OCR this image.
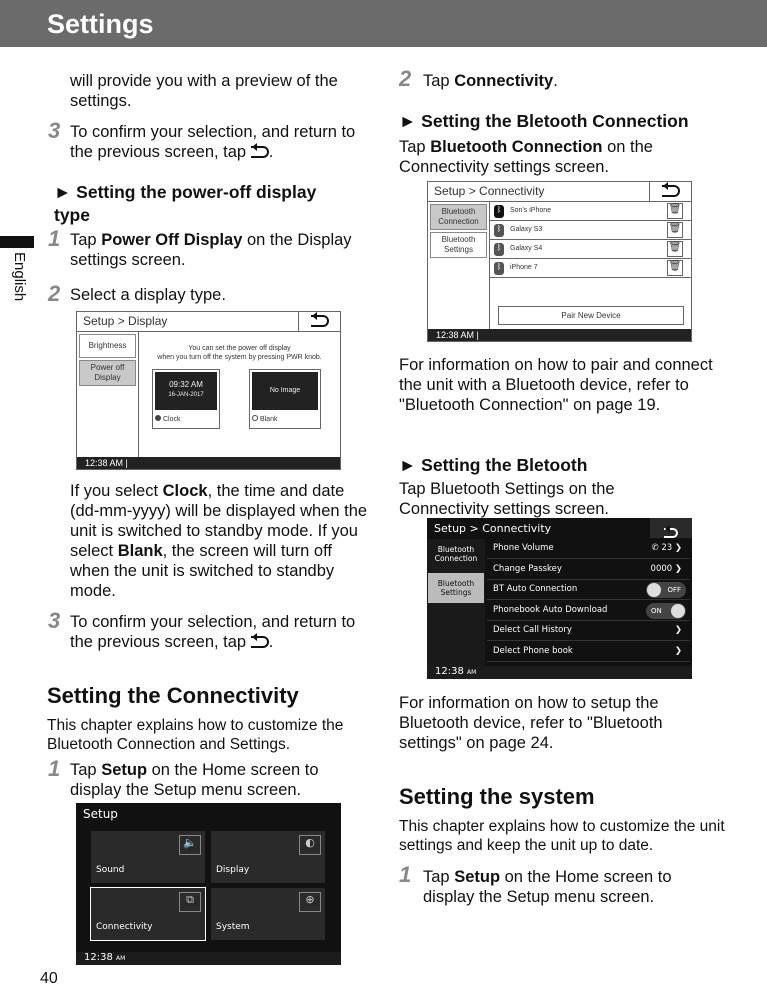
Settings
English
will provide you with a preview of the settings.
3 To confirm your selection, and return to the previous screen, tap .
► Setting the power-off display type
1 Tap Power Off Display on the Display settings screen.
2 Select a display type.
Setup > Display
Brightness
Power off Display
You can set the power off display
when you turn off the system by pressing PWR knob.
09:32 AM
16-JAN-2017
Clock
No Image
Blank
12:38 AM |
If you select Clock, the time and date (dd-mm-yyyy) will be displayed when the unit is switched to standby mode. If you select Blank, the screen will turn off when the unit is switched to standby mode.
3 To confirm your selection, and return to the previous screen, tap .
Setting the Connectivity
This chapter explains how to customize the Bluetooth Connection and Settings.
1 Tap Setup on the Home screen to display the Setup menu screen.
Setup
🔈
Sound
◐
Display
⧉
Connectivity
⊕
System
12:38 AM
2 Tap Connectivity.
► Setting the Bletooth Connection
Tap Bluetooth Connection on the Connectivity settings screen.
Setup > Connectivity
Bluetooth Connection
Bluetooth Settings
ᛒ	Son's iPhone	🗑
ᛒ	Galaxy S3	🗑
ᛒ	Galaxy S4	🗑
ᛒ	iPhone 7	🗑
Pair New Device
12:38 AM |
For information on how to pair and connect the unit with a Bluetooth device, refer to "Bluetooth Connection" on page 19.
► Setting the Bletooth
Tap Bluetooth Settings on the Connectivity settings screen.
Setup > Connectivity
Bluetooth Connection
Bluetooth Settings
Phone Volume	✆ 23 ❯
Change Passkey	0000 ❯
BT Auto Connection	OFF
Phonebook Auto Download	ON
Delect Call History	❯
Delect Phone book	❯
12:38 AM
For information on how to setup the Bluetooth device, refer to "Bluetooth settings" on page 24.
Setting the system
This chapter explains how to customize the unit settings and keep the unit up to date.
1 Tap Setup on the Home screen to display the Setup menu screen.
40
